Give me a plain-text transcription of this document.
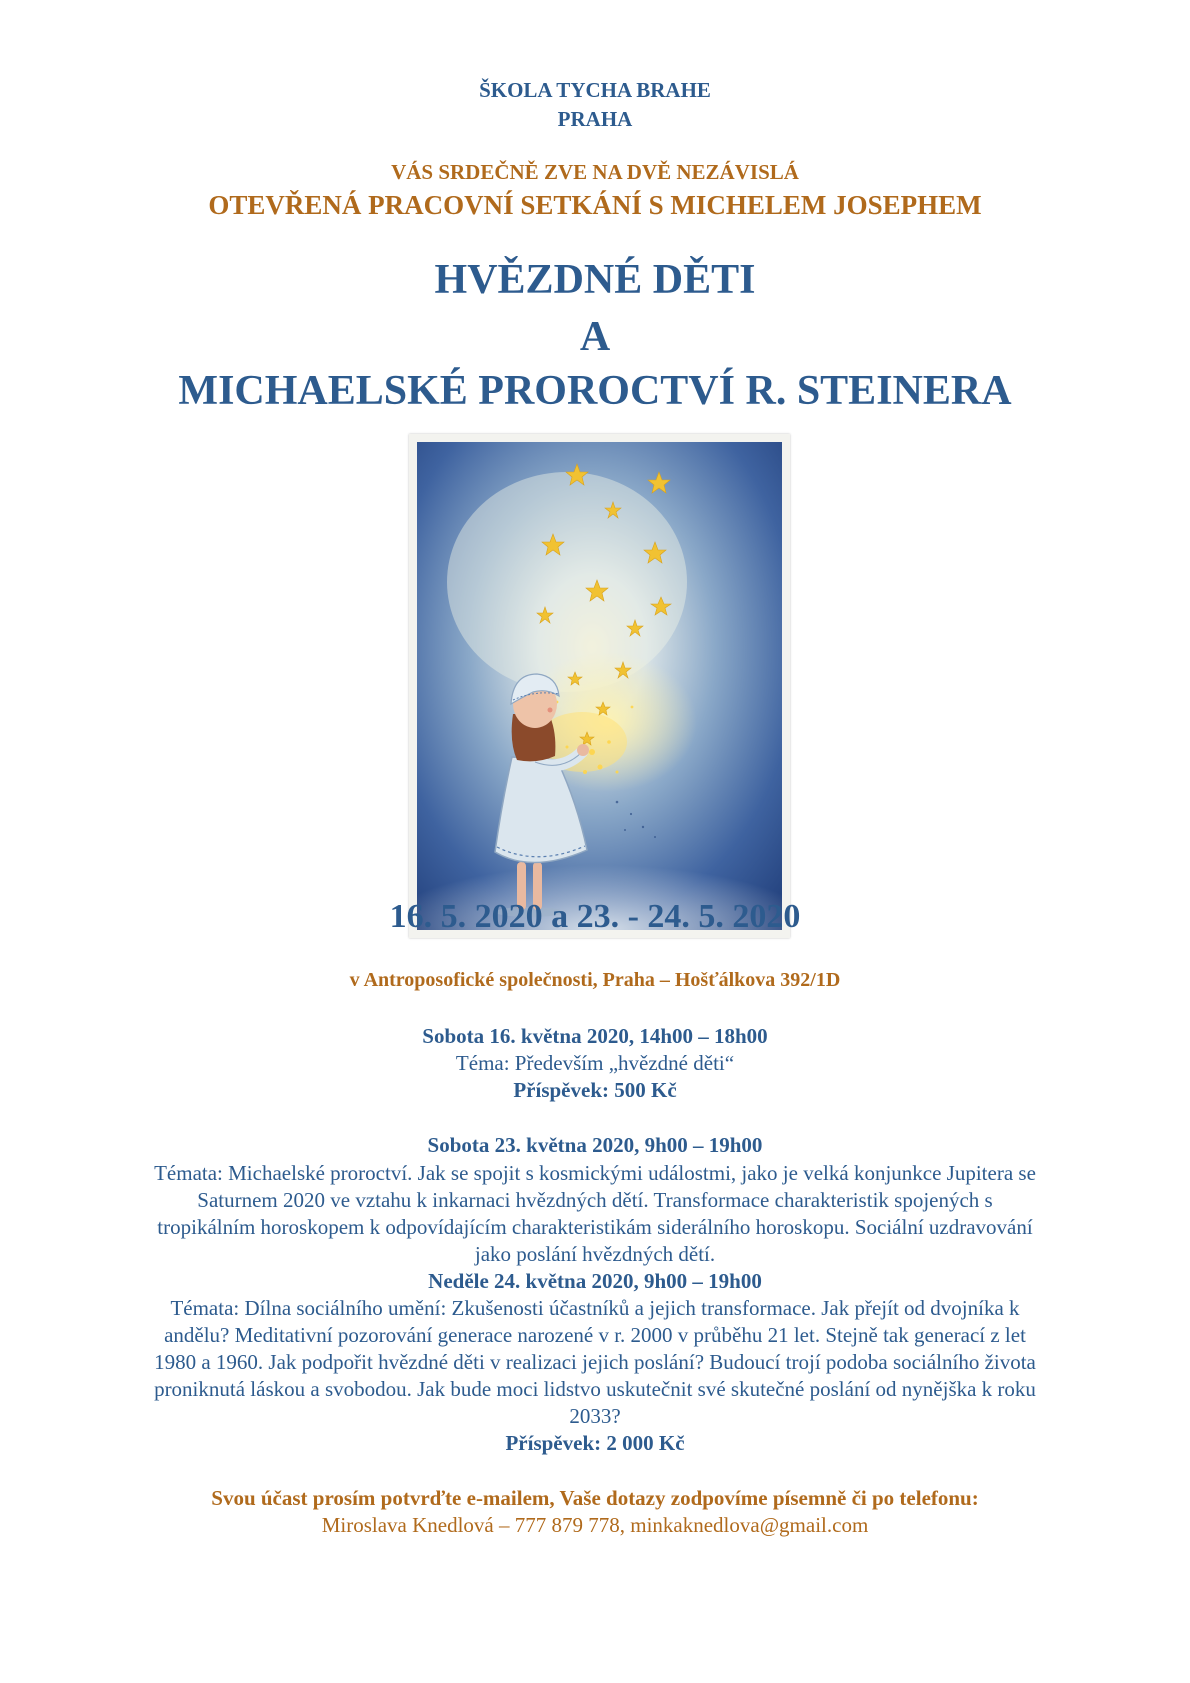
ŠKOLA TYCHA BRAHE
PRAHA
VÁS SRDEČNĚ ZVE NA DVĚ NEZÁVISLÁ
OTEVŘENÁ PRACOVNÍ SETKÁNÍ S MICHELEM JOSEPHEM
HVĚZDNÉ DĚTI
A
MICHAELSKÉ PROROCTVÍ R. STEINERA
16. 5. 2020 a 23. - 24. 5. 2020
v Antroposofické společnosti, Praha – Hošťálkova 392/1D
Sobota 16. května 2020, 14h00 – 18h00
Téma: Především „hvězdné děti“
Příspěvek: 500 Kč
Sobota 23. května 2020, 9h00 – 19h00
Témata: Michaelské proroctví. Jak se spojit s kosmickými událostmi, jako je velká konjunkce Jupitera se
Saturnem 2020 ve vztahu k inkarnaci hvězdných dětí. Transformace charakteristik spojených s
tropikálním horoskopem k odpovídajícím charakteristikám siderálního horoskopu. Sociální uzdravování
jako poslání hvězdných dětí.
Neděle 24. května 2020, 9h00 – 19h00
Témata: Dílna sociálního umění: Zkušenosti účastníků a jejich transformace. Jak přejít od dvojníka k
andělu? Meditativní pozorování generace narozené v r. 2000 v průběhu 21 let. Stejně tak generací z let
1980 a 1960. Jak podpořit hvězdné děti v realizaci jejich poslání? Budoucí trojí podoba sociálního života
proniknutá láskou a svobodou. Jak bude moci lidstvo uskutečnit své skutečné poslání od nynějška k roku
2033?
Příspěvek: 2 000 Kč
Svou účast prosím potvrďte e-mailem, Vaše dotazy zodpovíme písemně či po telefonu:
Miroslava Knedlová – 777 879 778, minkaknedlova@gmail.com
